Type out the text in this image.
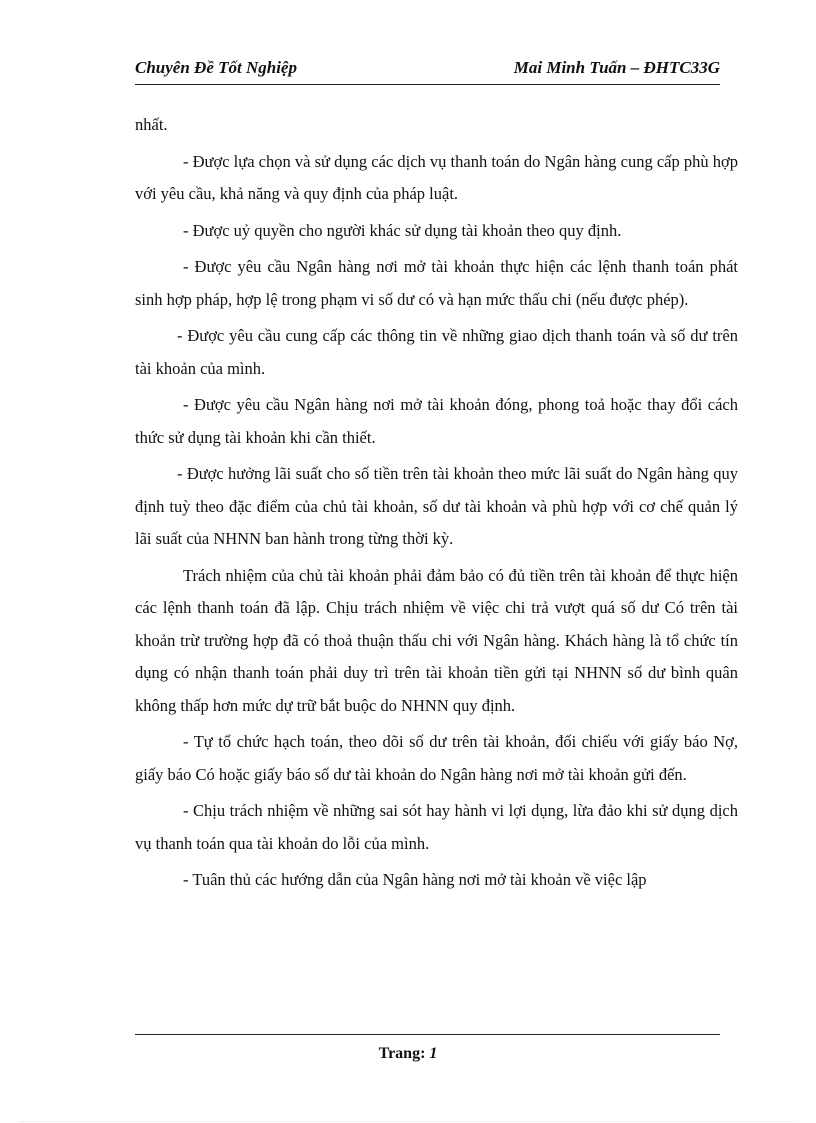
Chuyên Đề Tốt Nghiệp	Mai Minh Tuấn – ĐHTC33G

nhất.

- Được lựa chọn và sử dụng các dịch vụ thanh toán do Ngân hàng cung cấp phù hợp với yêu cầu, khả năng và quy định của pháp luật.

- Được uỷ quyền cho người khác sử dụng tài khoản theo quy định.

- Được yêu cầu Ngân hàng nơi mở tài khoản thực hiện các lệnh thanh toán phát sinh hợp pháp, hợp lệ trong phạm vi số dư có và hạn mức thấu chi (nếu được phép).

- Được yêu cầu cung cấp các thông tin về những giao dịch thanh toán và số dư trên tài khoản của mình.

- Được yêu cầu Ngân hàng nơi mở tài khoản đóng, phong toả hoặc thay đổi cách thức sử dụng tài khoản khi cần thiết.

- Được hưởng lãi suất cho số tiền trên tài khoản theo mức lãi suất do Ngân hàng quy định tuỳ theo đặc điểm của chủ tài khoản, số dư tài khoản và phù hợp với cơ chế quản lý lãi suất của NHNN ban hành trong từng thời kỳ.

Trách nhiệm của chủ tài khoản phải đảm bảo có đủ tiền trên tài khoản để thực hiện các lệnh thanh toán đã lập. Chịu trách nhiệm về việc chi trả vượt quá số dư Có trên tài khoản trừ trường hợp đã có thoả thuận thấu chi với Ngân hàng. Khách hàng là tổ chức tín dụng có nhận thanh toán phải duy trì trên tài khoản tiền gửi tại NHNN số dư bình quân không thấp hơn mức dự trữ bắt buộc do NHNN quy định.

- Tự tổ chức hạch toán, theo dõi số dư trên tài khoản, đối chiếu với giấy báo Nợ, giấy báo Có hoặc giấy báo số dư tài khoản do Ngân hàng nơi mở tài khoản gửi đến.

- Chịu trách nhiệm về những sai sót hay hành vi lợi dụng, lừa đảo khi sử dụng dịch vụ thanh toán qua tài khoản do lỗi của mình.

- Tuân thủ các hướng dẫn của Ngân hàng nơi mở tài khoản về việc lập

Trang: 1
